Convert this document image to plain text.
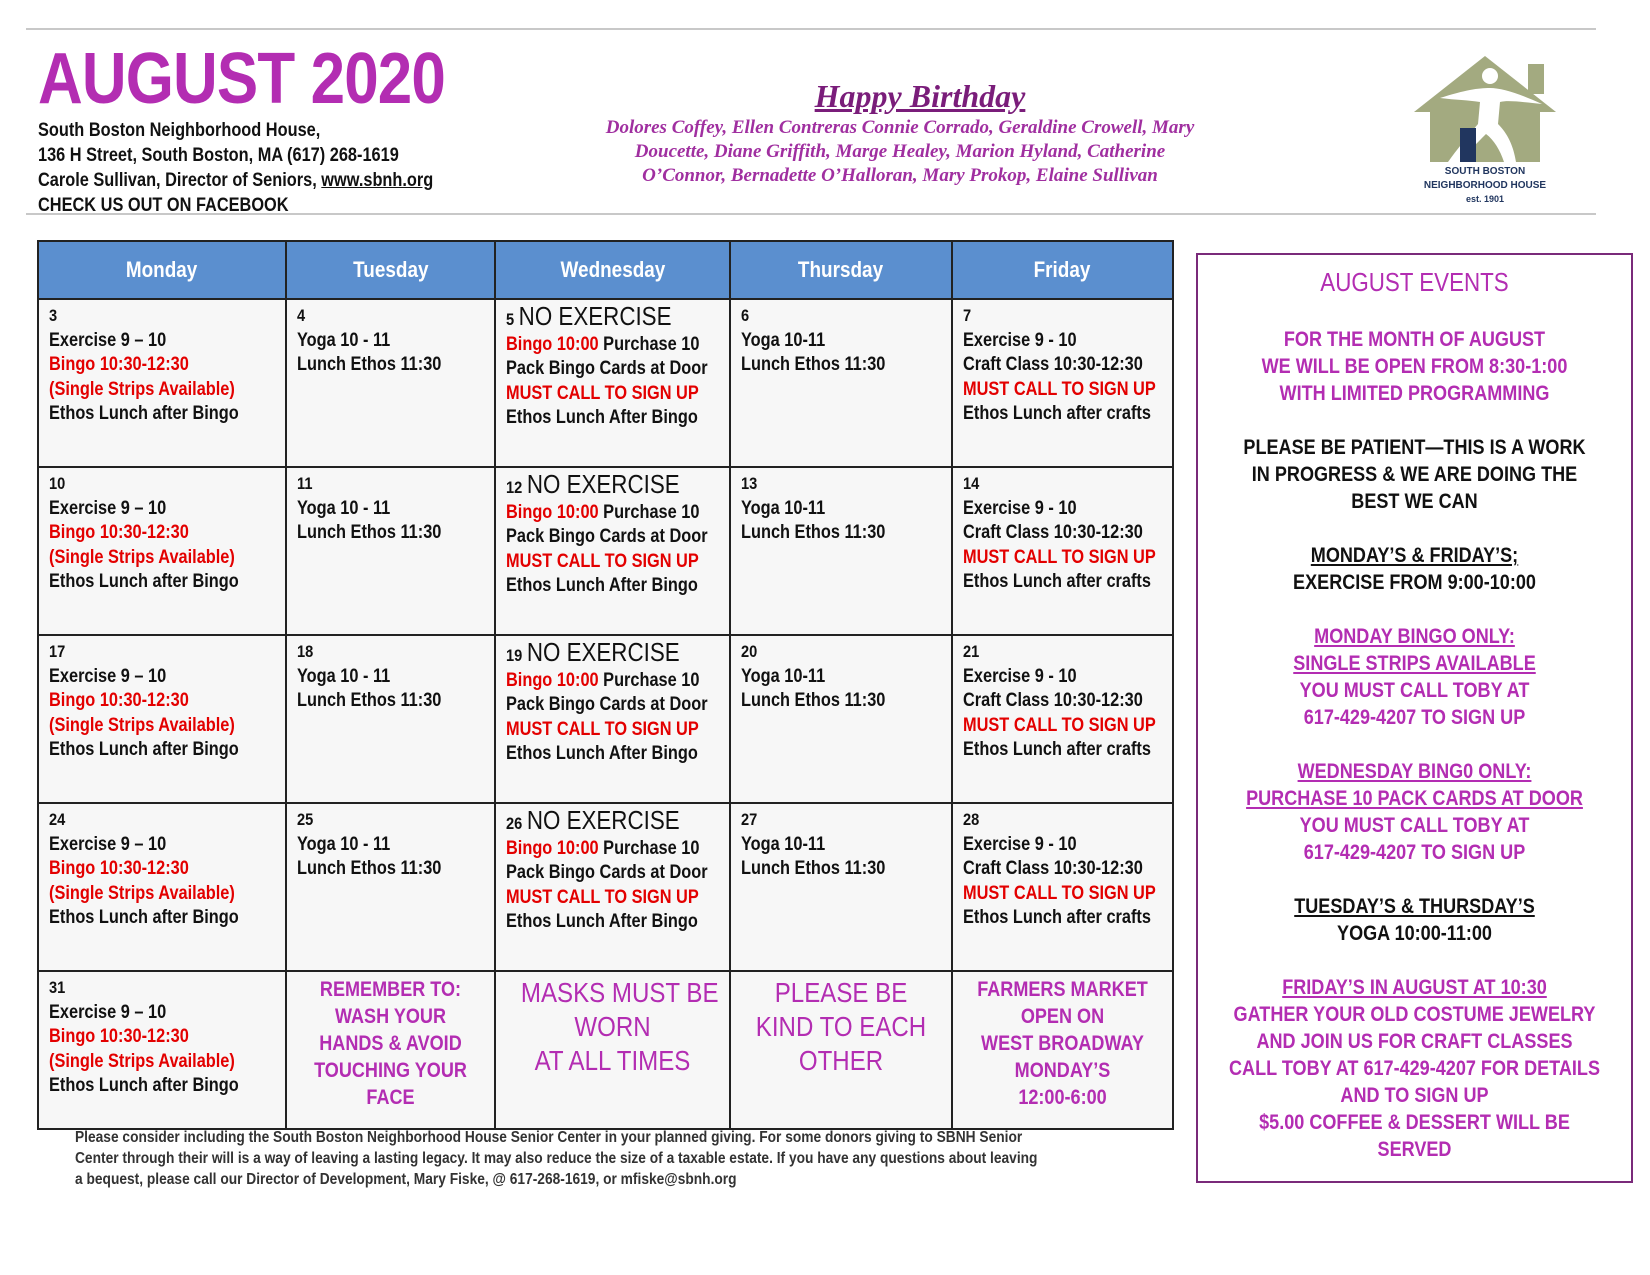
AUGUST 2020
South Boston Neighborhood House,
136 H Street, South Boston, MA (617) 268-1619
Carole Sullivan, Director of Seniors, www.sbnh.org
CHECK US OUT ON FACEBOOK
Happy Birthday
Dolores Coffey, Ellen Contreras Connie Corrado, Geraldine Crowell, Mary
Doucette, Diane Griffith, Marge Healey, Marion Hyland, Catherine
O’Connor, Bernadette O’Halloran, Mary Prokop, Elaine Sullivan	SOUTH BOSTON
NEIGHBORHOOD HOUSE
est. 1901
Monday	Tuesday	Wednesday	Thursday	Friday

3
Exercise 9 – 10
Bingo 10:30-12:30
(Single Strips Available)
Ethos Lunch after Bingo	4
Yoga 10 - 11
Lunch Ethos 11:30	5 NO EXERCISE
Bingo 10:00 Purchase 10
Pack Bingo Cards at Door
MUST CALL TO SIGN UP
Ethos Lunch After Bingo	6
Yoga 10-11
Lunch Ethos 11:30	7
Exercise 9 - 10
Craft Class 10:30-12:30
MUST CALL TO SIGN UP
Ethos Lunch after crafts

10
Exercise 9 – 10
Bingo 10:30-12:30
(Single Strips Available)
Ethos Lunch after Bingo	11
Yoga 10 - 11
Lunch Ethos 11:30	12 NO EXERCISE
Bingo 10:00 Purchase 10
Pack Bingo Cards at Door
MUST CALL TO SIGN UP
Ethos Lunch After Bingo	13
Yoga 10-11
Lunch Ethos 11:30	14
Exercise 9 - 10
Craft Class 10:30-12:30
MUST CALL TO SIGN UP
Ethos Lunch after crafts

17
Exercise 9 – 10
Bingo 10:30-12:30
(Single Strips Available)
Ethos Lunch after Bingo	18
Yoga 10 - 11
Lunch Ethos 11:30	19 NO EXERCISE
Bingo 10:00 Purchase 10
Pack Bingo Cards at Door
MUST CALL TO SIGN UP
Ethos Lunch After Bingo	20
Yoga 10-11
Lunch Ethos 11:30	21
Exercise 9 - 10
Craft Class 10:30-12:30
MUST CALL TO SIGN UP
Ethos Lunch after crafts

24
Exercise 9 – 10
Bingo 10:30-12:30
(Single Strips Available)
Ethos Lunch after Bingo	25
Yoga 10 - 11
Lunch Ethos 11:30	26 NO EXERCISE
Bingo 10:00 Purchase 10
Pack Bingo Cards at Door
MUST CALL TO SIGN UP
Ethos Lunch After Bingo	27
Yoga 10-11
Lunch Ethos 11:30	28
Exercise 9 - 10
Craft Class 10:30-12:30
MUST CALL TO SIGN UP
Ethos Lunch after crafts

31
Exercise 9 – 10
Bingo 10:30-12:30
(Single Strips Available)
Ethos Lunch after Bingo	REMEMBER TO:
WASH YOUR
HANDS & AVOID
TOUCHING YOUR
FACE	MASKS MUST BE
WORN
AT ALL TIMES	PLEASE BE
KIND TO EACH
OTHER	FARMERS MARKET
OPEN ON
WEST BROADWAY
MONDAY’S
12:00-6:00
AUGUST EVENTS
FOR THE MONTH OF AUGUST
WE WILL BE OPEN FROM 8:30-1:00
WITH LIMITED PROGRAMMING
PLEASE BE PATIENT—THIS IS A WORK
IN PROGRESS & WE ARE DOING THE
BEST WE CAN
MONDAY’S & FRIDAY’S;
EXERCISE FROM 9:00-10:00
MONDAY BINGO ONLY:
SINGLE STRIPS AVAILABLE
YOU MUST CALL TOBY AT
617-429-4207 TO SIGN UP
WEDNESDAY BING0 ONLY:
PURCHASE 10 PACK CARDS AT DOOR
YOU MUST CALL TOBY AT
617-429-4207 TO SIGN UP
TUESDAY’S & THURSDAY’S
YOGA 10:00-11:00
FRIDAY’S IN AUGUST AT 10:30
GATHER YOUR OLD COSTUME JEWELRY
AND JOIN US FOR CRAFT CLASSES
CALL TOBY AT 617-429-4207 FOR DETAILS
AND TO SIGN UP
$5.00 COFFEE & DESSERT WILL BE
SERVED
Please consider including the South Boston Neighborhood House Senior Center in your planned giving. For some donors giving to SBNH Senior
Center through their will is a way of leaving a lasting legacy. It may also reduce the size of a taxable estate. If you have any questions about leaving
a bequest, please call our Director of Development, Mary Fiske, @ 617-268-1619, or mfiske@sbnh.org
